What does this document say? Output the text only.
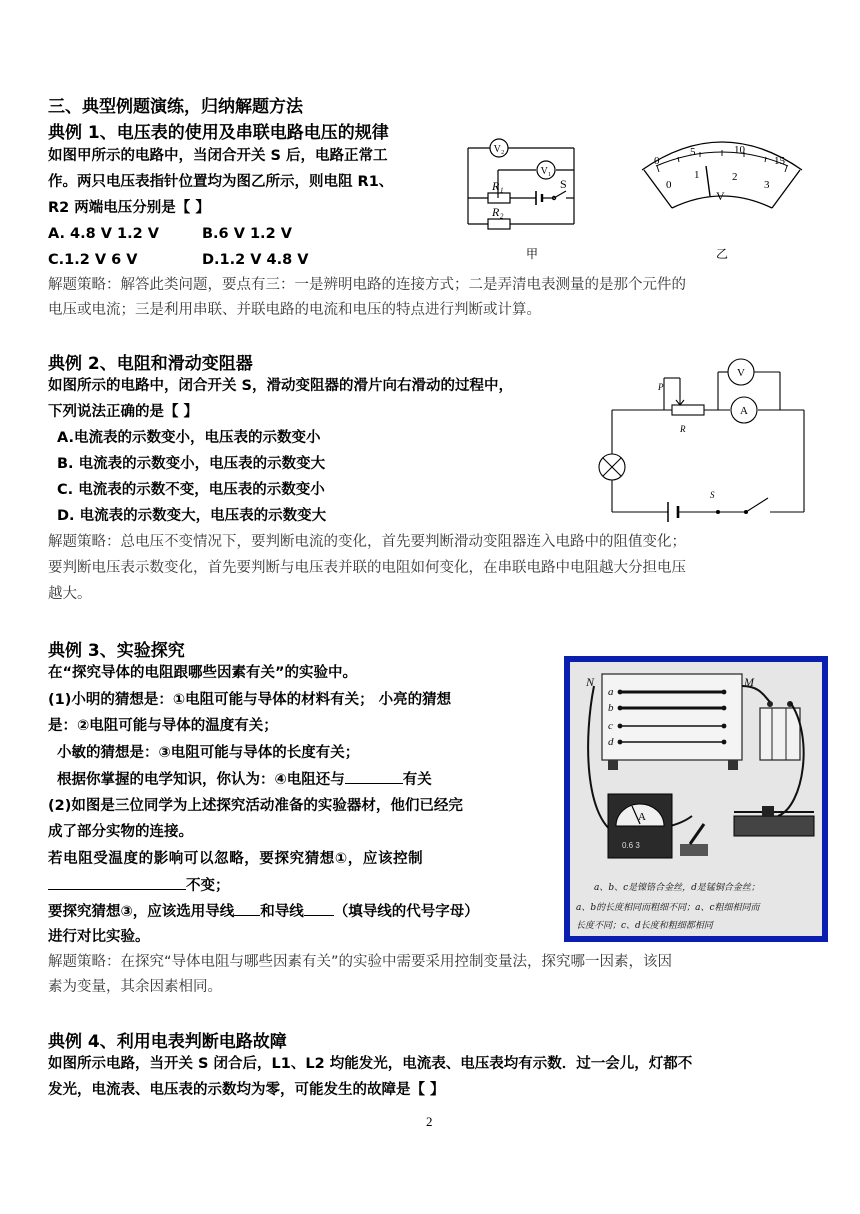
三、典型例题演练，归纳解题方法
典例 1、电压表的使用及串联电路电压的规律
如图甲所示的电路中，当闭合开关 S 后，电路正常工
作。两只电压表指针位置均为图乙所示，则电阻 R1、
R2 两端电压分别是【 】
A. 4.8 V 1.2 V	B.6 V 1.2 V
C.1.2 V 6 V	D.1.2 V 4.8 V
解题策略：解答此类问题，要点有三：一是辨明电路的连接方式；二是弄清电表测量的是那个元件的
电压或电流；三是利用串联、并联电路的电流和电压的特点进行判断或计算。
V₂
V₁
R₁
R₂
S
甲
0
5	10
15
0
1	2
3
V
乙
典例 2、电阻和滑动变阻器
如图所示的电路中，闭合开关 S，滑动变阻器的滑片向右滑动的过程中，
下列说法正确的是【 】
A.电流表的示数变小，电压表的示数变小
B. 电流表的示数变小，电压表的示数变大
C. 电流表的示数不变，电压表的示数变小
D. 电流表的示数变大，电压表的示数变大
解题策略：总电压不变情况下，要判断电流的变化，首先要判断滑动变阻器连入电路中的阻值变化；
要判断电压表示数变化，首先要判断与电压表并联的电阻如何变化，在串联电路中电阻越大分担电压
越大。
V
A
P
R
S
典例 3、实验探究
在“探究导体的电阻跟哪些因素有关”的实验中。
(1)小明的猜想是：①电阻可能与导体的材料有关； 小亮的猜想
是：②电阻可能与导体的温度有关；
小敏的猜想是：③电阻可能与导体的长度有关；
根据你掌握的电学知识，你认为：④电阻还与	有关
(2)如图是三位同学为上述探究活动准备的实验器材，他们已经完
成了部分实物的连接。
若电阻受温度的影响可以忽略，要探究猜想①，应该控制
不变；
要探究猜想③，应该选用导线 和导线 （填导线的代号字母）
进行对比实验。
解题策略：在探究“导体电阻与哪些因素有关”的实验中需要采用控制变量法，探究哪一因素，该因
素为变量，其余因素相同。
a
b
c
d
N	M
A
0.6 3
a、b、c是镍铬合金丝，d是锰铜合金丝；
a、b的长度相同而粗细不同；a、c粗细相同而
长度不同；c、d长度和粗细都相同
典例 4、利用电表判断电路故障
如图所示电路，当开关 S 闭合后，L1、L2 均能发光，电流表、电压表均有示数．过一会儿，灯都不
发光，电流表、电压表的示数均为零，可能发生的故障是【 】
2
